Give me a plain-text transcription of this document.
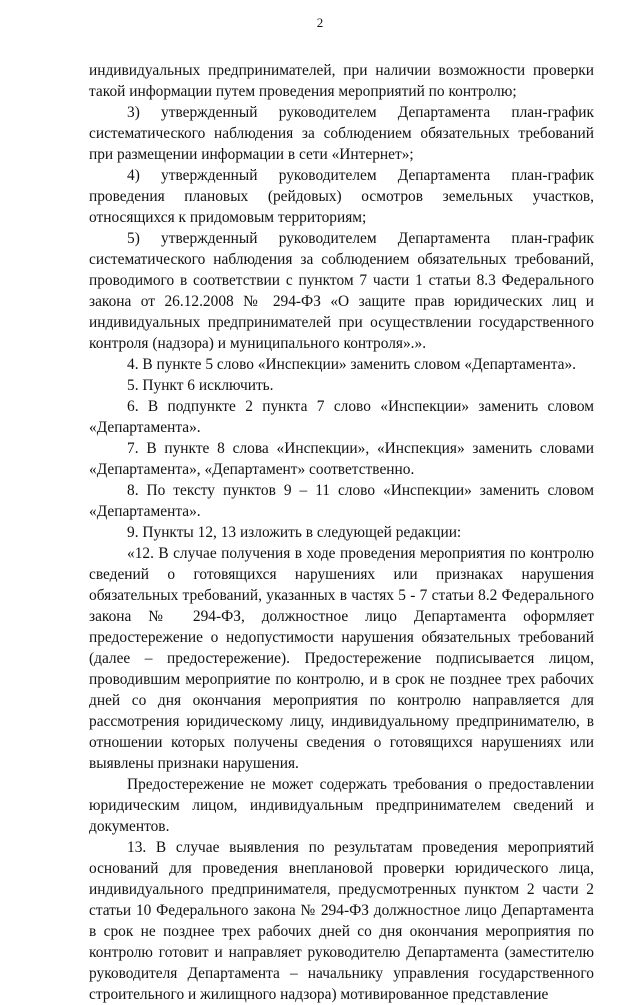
2

индивидуальных предпринимателей, при наличии возможности проверки такой информации путем проведения мероприятий по контролю;

3) утвержденный руководителем Департамента план-график систематического наблюдения за соблюдением обязательных требований при размещении информации в сети «Интернет»;

4) утвержденный руководителем Департамента план-график проведения плановых (рейдовых) осмотров земельных участков, относящихся к придомовым территориям;

5) утвержденный руководителем Департамента план-график систематического наблюдения за соблюдением обязательных требований, проводимого в соответствии с пунктом 7 части 1 статьи 8.3 Федерального закона от 26.12.2008 № 294-ФЗ «О защите прав юридических лиц и индивидуальных предпринимателей при осуществлении государственного контроля (надзора) и муниципального контроля».».

4. В пункте 5 слово «Инспекции» заменить словом «Департамента».

5. Пункт 6 исключить.

6. В подпункте 2 пункта 7 слово «Инспекции» заменить словом «Департамента».

7. В пункте 8 слова «Инспекции», «Инспекция» заменить словами «Департамента», «Департамент» соответственно.

8. По тексту пунктов 9 – 11 слово «Инспекции» заменить словом «Департамента».

9. Пункты 12, 13 изложить в следующей редакции:

«12. В случае получения в ходе проведения мероприятия по контролю сведений о готовящихся нарушениях или признаках нарушения обязательных требований, указанных в частях 5 - 7 статьи 8.2 Федерального закона № 294-ФЗ, должностное лицо Департамента оформляет предостережение о недопустимости нарушения обязательных требований (далее – предостережение). Предостережение подписывается лицом, проводившим мероприятие по контролю, и в срок не позднее трех рабочих дней со дня окончания мероприятия по контролю направляется для рассмотрения юридическому лицу, индивидуальному предпринимателю, в отношении которых получены сведения о готовящихся нарушениях или выявлены признаки нарушения.

Предостережение не может содержать требования о предоставлении юридическим лицом, индивидуальным предпринимателем сведений и документов.

13. В случае выявления по результатам проведения мероприятий оснований для проведения внеплановой проверки юридического лица, индивидуального предпринимателя, предусмотренных пунктом 2 части 2 статьи 10 Федерального закона № 294-ФЗ должностное лицо Департамента в срок не позднее трех рабочих дней со дня окончания мероприятия по контролю готовит и направляет руководителю Департамента (заместителю руководителя Департамента – начальнику управления государственного строительного и жилищного надзора) мотивированное представление
